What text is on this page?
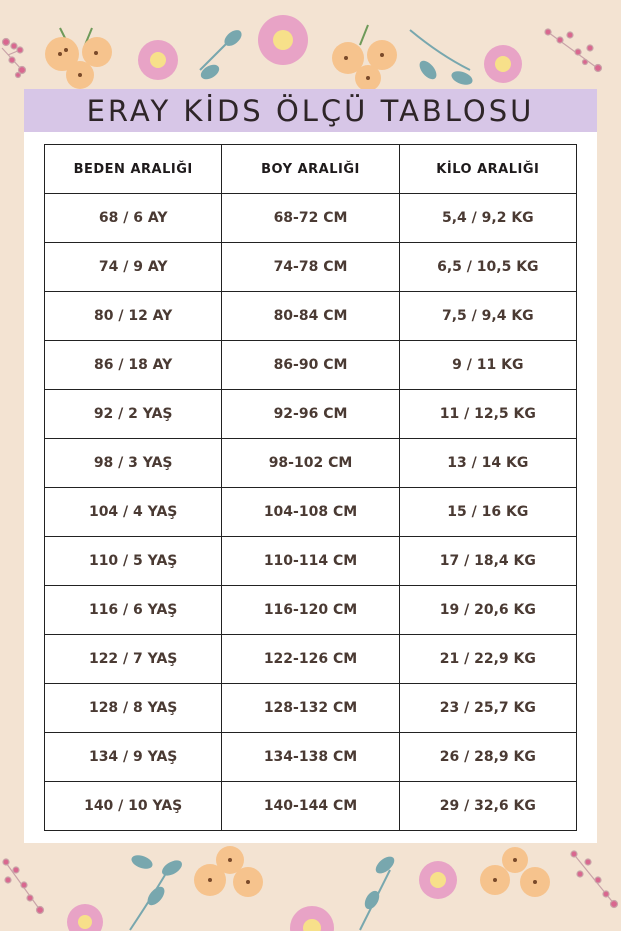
ERAY KİDS ÖLÇÜ TABLOSU
BEDEN ARALIĞI	BOY ARALIĞI	KİLO ARALIĞI
68 / 6 AY	68-72 CM	5,4 / 9,2 KG
74 / 9 AY	74-78 CM	6,5 / 10,5 KG
80 / 12 AY	80-84 CM	7,5 / 9,4 KG
86 / 18 AY	86-90 CM	9 / 11 KG
92 / 2 YAŞ	92-96 CM	11 / 12,5 KG
98 / 3 YAŞ	98-102 CM	13 / 14 KG
104 / 4 YAŞ	104-108 CM	15 / 16 KG
110 / 5 YAŞ	110-114 CM	17 / 18,4 KG
116 / 6 YAŞ	116-120 CM	19 / 20,6 KG
122 / 7 YAŞ	122-126 CM	21 / 22,9 KG
128 / 8 YAŞ	128-132 CM	23 / 25,7 KG
134 / 9 YAŞ	134-138 CM	26 / 28,9 KG
140 / 10 YAŞ	140-144 CM	29 / 32,6 KG
